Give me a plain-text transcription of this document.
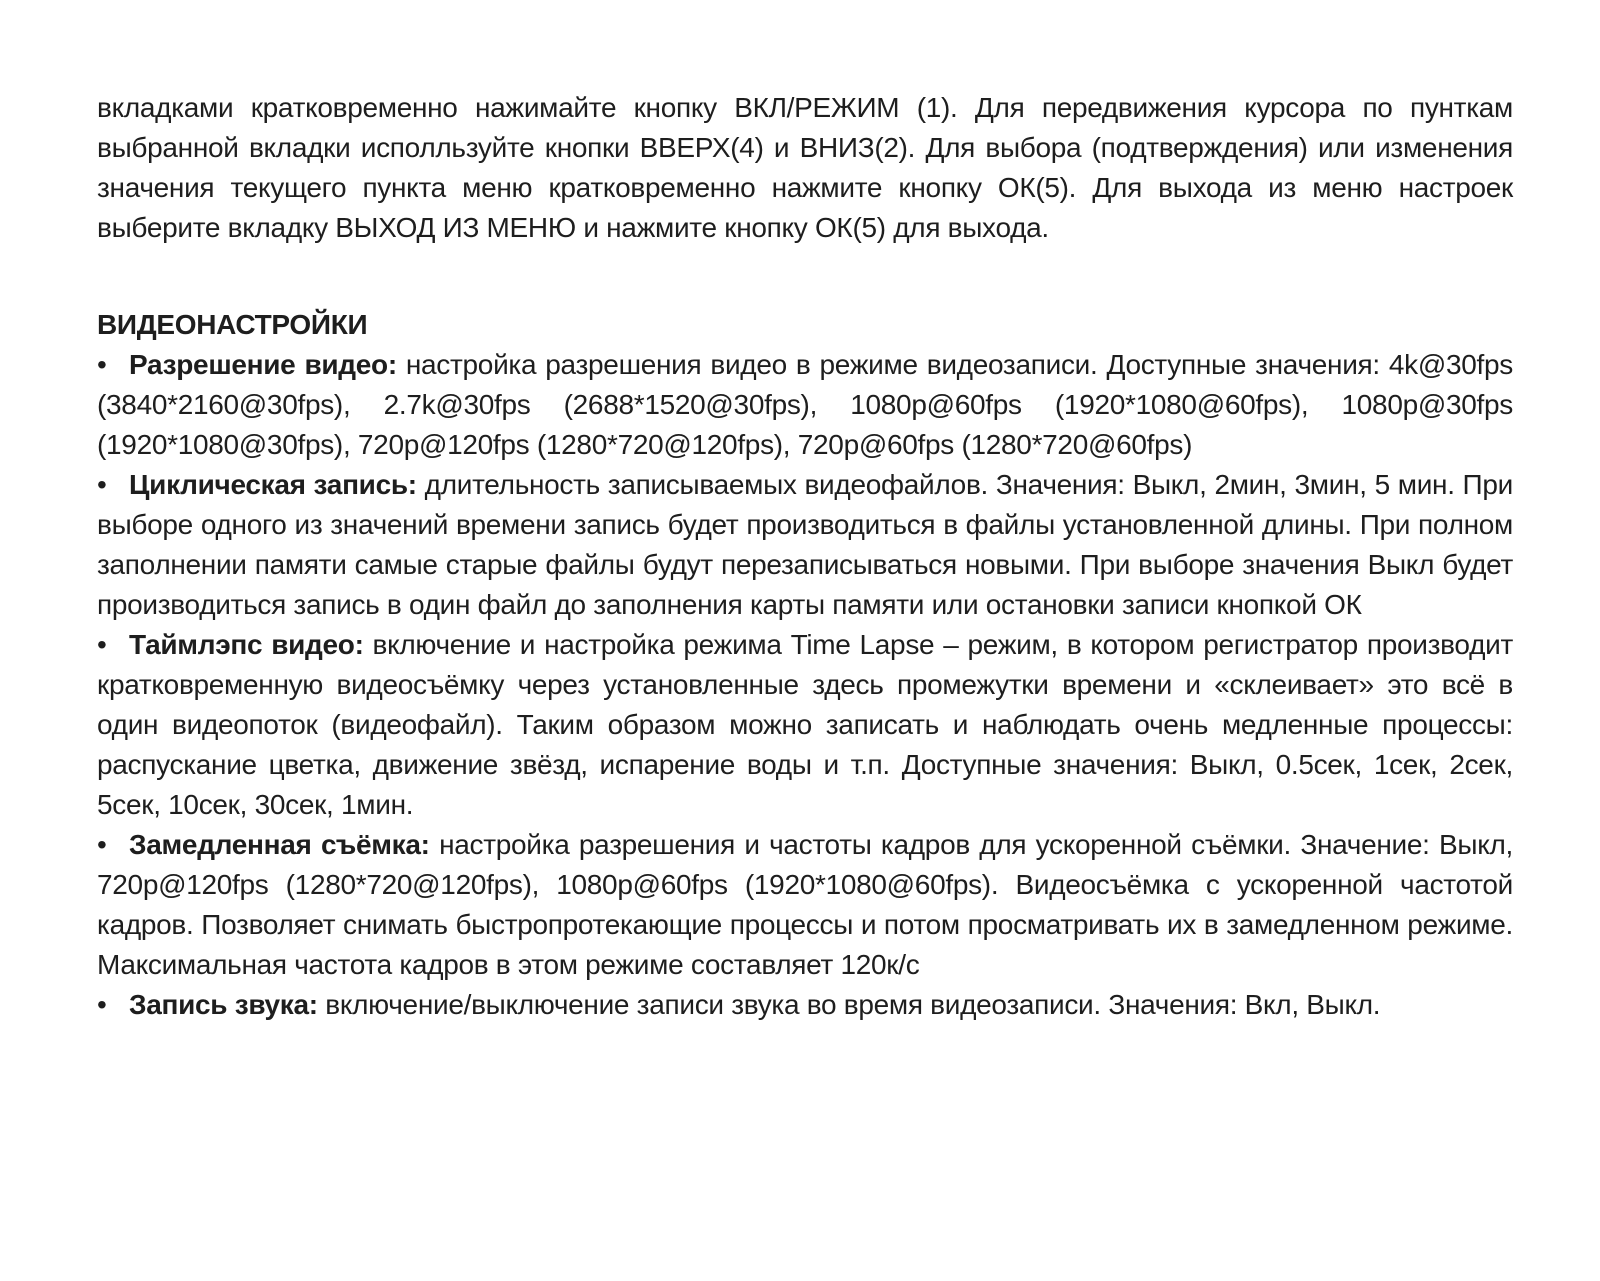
вкладками кратковременно нажимайте кнопку ВКЛ/РЕЖИМ (1). Для передвижения курсора по пунткам выбранной вкладки исполльзуйте кнопки ВВЕРХ(4) и ВНИЗ(2). Для выбора (подтверждения) или изменения значения текущего пункта меню кратковременно нажмите кнопку ОК(5). Для выхода из меню настроек выберите вкладку ВЫХОД ИЗ МЕНЮ и нажмите кнопку ОК(5) для выхода.

ВИДЕОНАСТРОЙКИ
• Разрешение видео: настройка разрешения видео в режиме видеозаписи. Доступные значения: 4k@30fps (3840*2160@30fps), 2.7k@30fps (2688*1520@30fps), 1080p@60fps (1920*1080@60fps), 1080p@30fps (1920*1080@30fps), 720p@120fps (1280*720@120fps), 720p@60fps (1280*720@60fps)
• Циклическая запись: длительность записываемых видеофайлов. Значения: Выкл, 2мин, 3мин, 5 мин. При выборе одного из значений времени запись будет производиться в файлы установленной длины. При полном заполнении памяти самые старые файлы будут перезаписываться новыми. При выборе значения Выкл будет производиться запись в один файл до заполнения карты памяти или остановки записи кнопкой ОК
• Таймлэпс видео: включение и настройка режима Time Lapse – режим, в котором регистратор производит кратковременную видеосъёмку через установленные здесь промежутки времени и «склеивает» это всё в один видеопоток (видеофайл). Таким образом можно записать и наблюдать очень медленные процессы: распускание цветка, движение звёзд, испарение воды и т.п. Доступные значения: Выкл, 0.5сек, 1сек, 2сек, 5сек, 10сек, 30сек, 1мин.
• Замедленная съёмка: настройка разрешения и частоты кадров для ускоренной съёмки. Значение: Выкл, 720p@120fps (1280*720@120fps), 1080p@60fps (1920*1080@60fps). Видеосъёмка с ускоренной частотой кадров. Позволяет снимать быстропротекающие процессы и потом просматривать их в замедленном режиме. Максимальная частота кадров в этом режиме составляет 120к/с
• Запись звука: включение/выключение записи звука во время видеозаписи. Значения: Вкл, Выкл.
